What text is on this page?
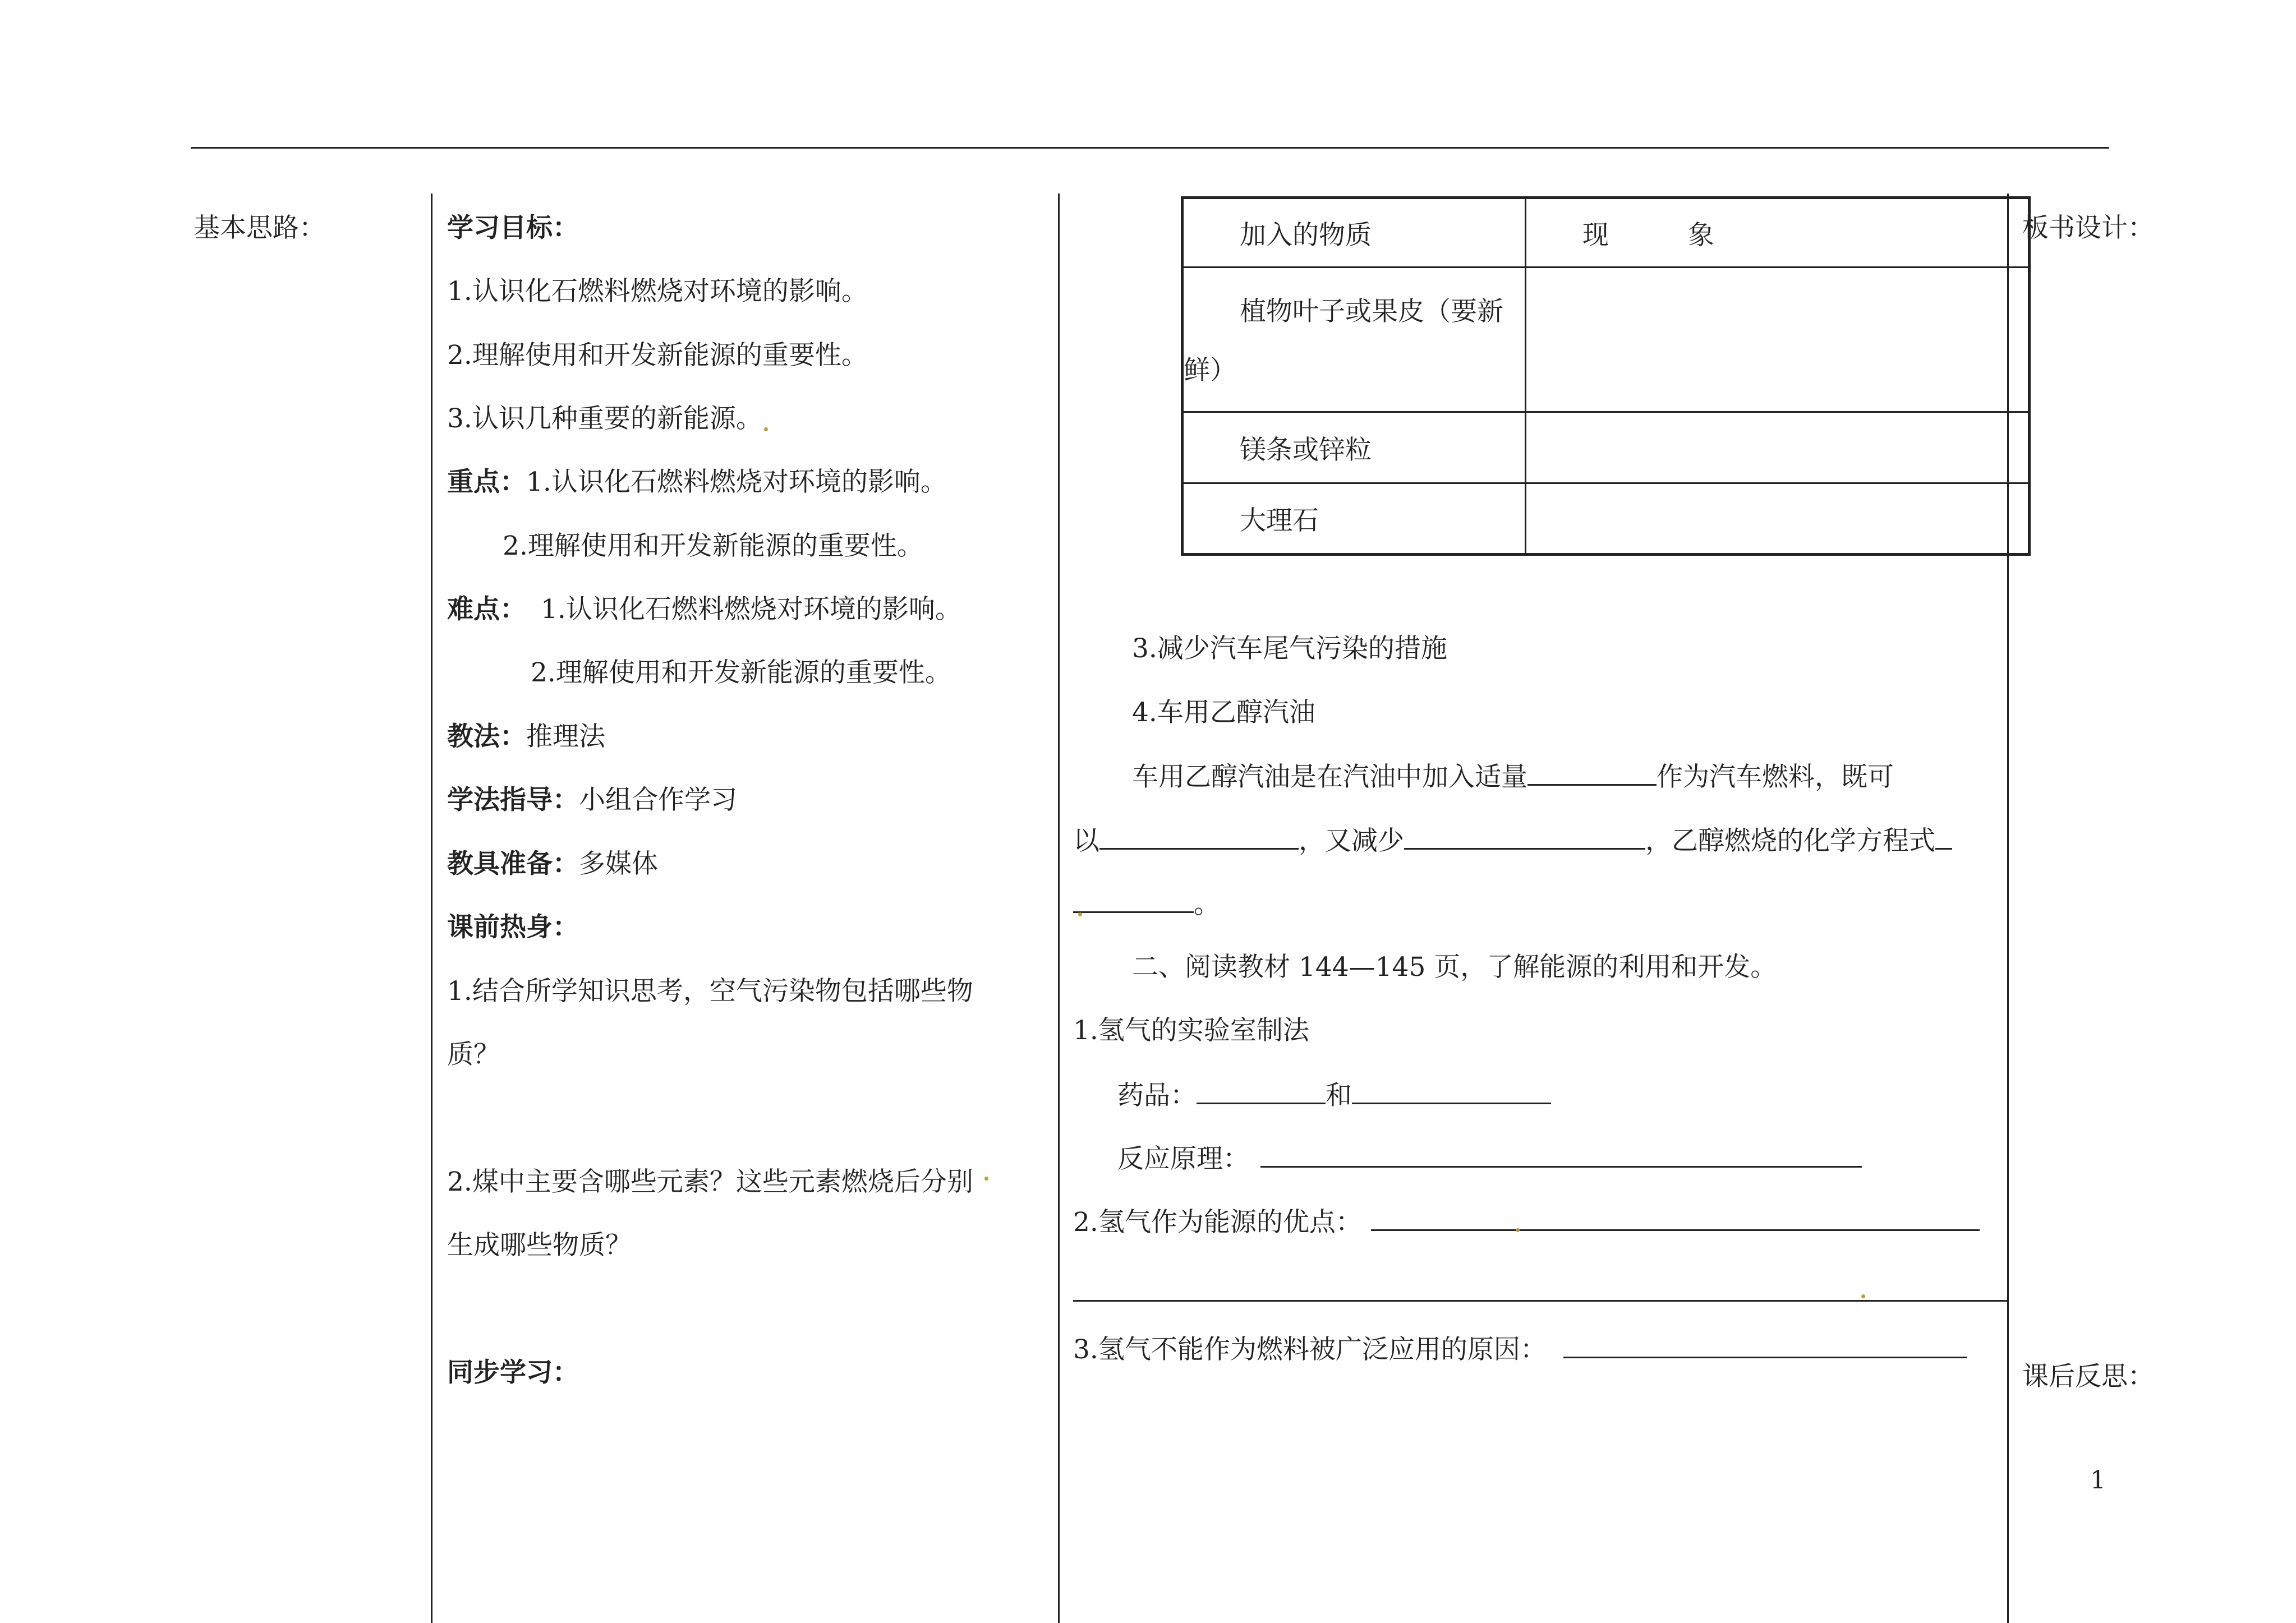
基本思路：	学习目标：
1.认识化石燃料燃烧对环境的影响。
2.理解使用和开发新能源的重要性。
3.认识几种重要的新能源。
重点：1.认识化石燃料燃烧对环境的影响。
2.理解使用和开发新能源的重要性。
难点： 1.认识化石燃料燃烧对环境的影响。
2.理解使用和开发新能源的重要性。
教法：推理法
学法指导：小组合作学习
教具准备：多媒体
课前热身：
1.结合所学知识思考，空气污染物包括哪些物
质？
2.煤中主要含哪些元素？这些元素燃烧后分别
生成哪些物质？
同步学习：
加入的物质	现　　　象

植物叶子或果皮（要新
鲜）	

镁条或锌粒	
大理石	
3.减少汽车尾气污染的措施
4.车用乙醇汽油
车用乙醇汽油是在汽油中加入适量	作为汽车燃料，既可
以	，又减少	，乙醇燃烧的化学方程式
。
二、阅读教材 144—145 页，了解能源的利用和开发。
1.氢气的实验室制法
药品：	和
反应原理：
2.氢气作为能源的优点：
3.氢气不能作为燃料被广泛应用的原因：
板书设计：
课后反思：
1
